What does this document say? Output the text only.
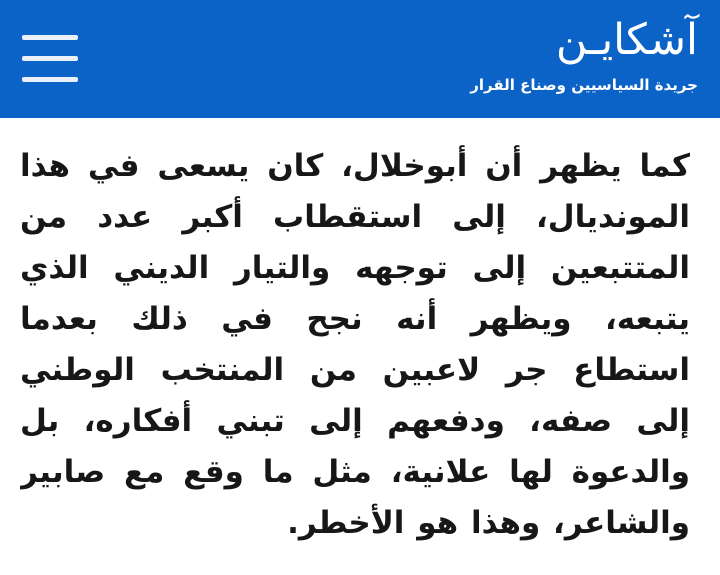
آشكايـن
جريدة السياسيين وصناع القرار

كما يظهر أن أبوخلال، كان يسعى في هذا المونديال، إلى استقطاب أكبر عدد من المتتبعين إلى توجهه والتيار الديني الذي يتبعه، ويظهر أنه نجح في ذلك بعدما استطاع جر لاعبين من المنتخب الوطني إلى صفه، ودفعهم إلى تبني أفكاره، بل والدعوة لها علانية، مثل ما وقع مع صابير والشاعر، وهذا هو الأخطر.
